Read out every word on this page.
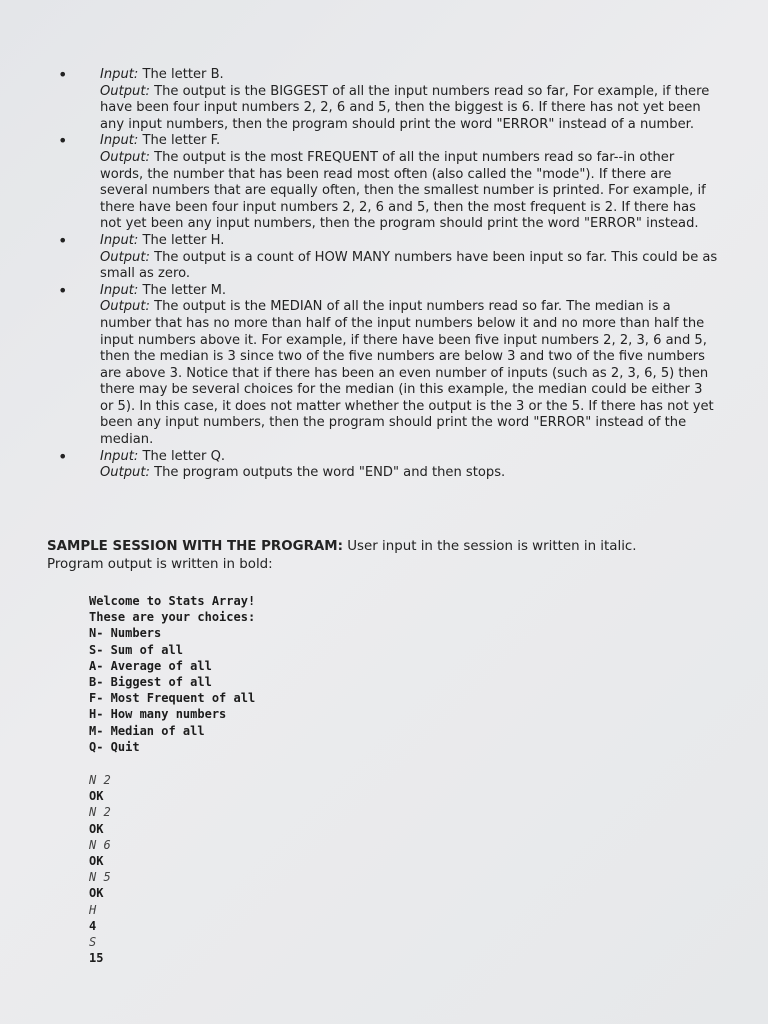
• Input: The letter B.

Output: The output is the BIGGEST of all the input numbers read so far, For example, if there have been four input numbers 2, 2, 6 and 5, then the biggest is 6. If there has not yet been any input numbers, then the program should print the word "ERROR" instead of a number.

• Input: The letter F.

Output: The output is the most FREQUENT of all the input numbers read so far--in other words, the number that has been read most often (also called the "mode"). If there are several numbers that are equally often, then the smallest number is printed. For example, if there have been four input numbers 2, 2, 6 and 5, then the most frequent is 2. If there has not yet been any input numbers, then the program should print the word "ERROR" instead.

• Input: The letter H.

Output: The output is a count of HOW MANY numbers have been input so far. This could be as small as zero.

• Input: The letter M.

Output: The output is the MEDIAN of all the input numbers read so far. The median is a number that has no more than half of the input numbers below it and no more than half the input numbers above it. For example, if there have been five input numbers 2, 2, 3, 6 and 5, then the median is 3 since two of the five numbers are below 3 and two of the five numbers are above 3. Notice that if there has been an even number of inputs (such as 2, 3, 6, 5) then there may be several choices for the median (in this example, the median could be either 3 or 5). In this case, it does not matter whether the output is the 3 or the 5. If there has not yet been any input numbers, then the program should print the word "ERROR" instead of the median.

• Input: The letter Q.

Output: The program outputs the word "END" and then stops.

SAMPLE SESSION WITH THE PROGRAM: User input in the session is written in italic.

Program output is written in bold:

Welcome to Stats Array!
These are your choices:
N- Numbers
S- Sum of all
A- Average of all
B- Biggest of all
F- Most Frequent of all
H- How many numbers
M- Median of all
Q- Quit
N 2
OK
N 2
OK
N 6
OK
N 5
OK
H
4
S
15
